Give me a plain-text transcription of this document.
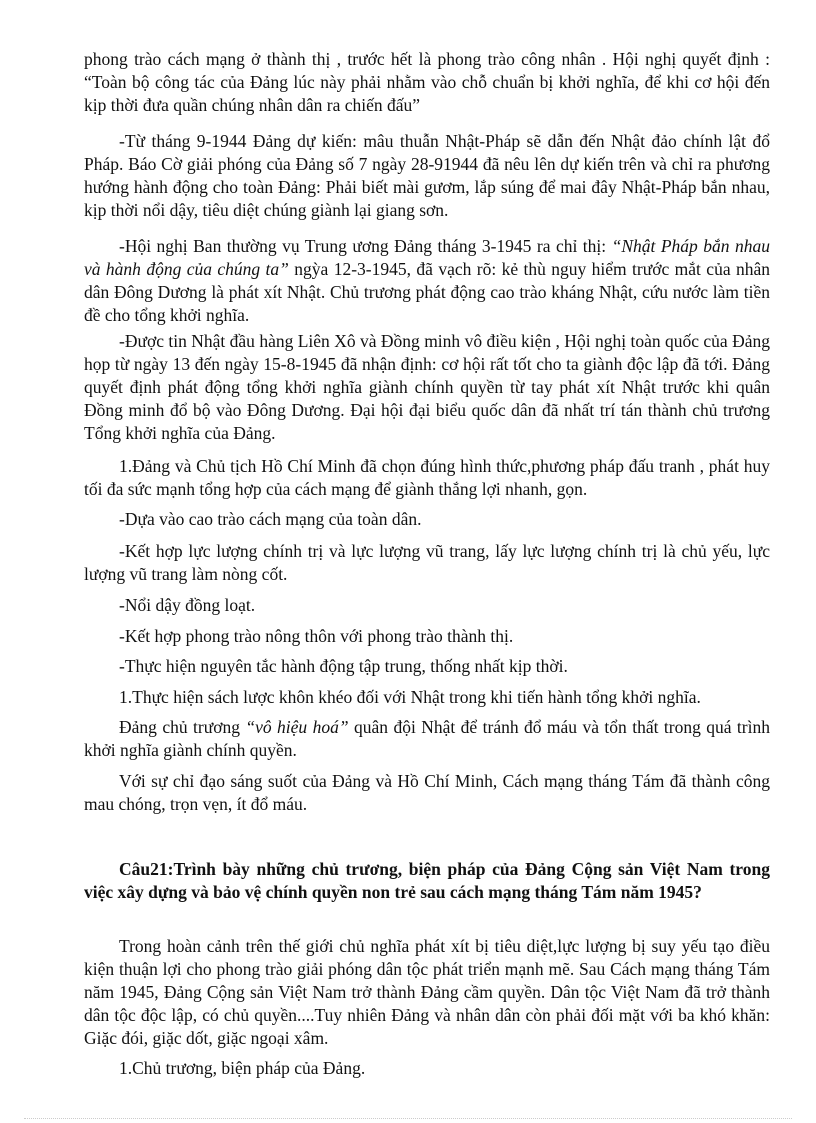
phong trào cách mạng ở thành thị , trước hết là phong trào công nhân . Hội nghị quyết định : “Toàn bộ công tác của Đảng lúc này phải nhằm vào chỗ chuẩn bị khởi nghĩa, để khi cơ hội đến kịp thời đưa quần chúng nhân dân ra chiến đấu”

-Từ tháng 9-1944 Đảng dự kiến: mâu thuẫn Nhật-Pháp sẽ dẫn đến Nhật đảo chính lật đổ Pháp. Báo Cờ giải phóng của Đảng số 7 ngày 28-91944 đã nêu lên dự kiến trên và chỉ ra phương hướng hành động cho toàn Đảng: Phải biết mài gươm, lắp súng để mai đây Nhật-Pháp bắn nhau, kịp thời nổi dậy, tiêu diệt chúng giành lại giang sơn.

-Hội nghị Ban thường vụ Trung ương Đảng tháng 3-1945 ra chỉ thị: “Nhật Pháp bắn nhau và hành động của chúng ta” ngỳa 12-3-1945, đã vạch rõ: kẻ thù nguy hiểm trước mắt của nhân dân Đông Dương là phát xít Nhật. Chủ trương phát động cao trào kháng Nhật, cứu nước làm tiền đề cho tổng khởi nghĩa.

-Được tin Nhật đầu hàng Liên Xô và Đồng minh vô điều kiện , Hội nghị toàn quốc của Đảng họp từ ngày 13 đến ngày 15-8-1945 đã nhận định: cơ hội rất tốt cho ta giành độc lập đã tới. Đảng quyết định phát động tổng khởi nghĩa giành chính quyền từ tay phát xít Nhật trước khi quân Đồng minh đổ bộ vào Đông Dương. Đại hội đại biểu quốc dân đã nhất trí tán thành chủ trương Tổng khởi nghĩa của Đảng.

1.Đảng và Chủ tịch Hồ Chí Minh đã chọn đúng hình thức,phương pháp đấu tranh , phát huy tối đa sức mạnh tổng hợp của cách mạng để giành thắng lợi nhanh, gọn.

-Dựa vào cao trào cách mạng của toàn dân.

-Kết hợp lực lượng chính trị và lực lượng vũ trang, lấy lực lượng chính trị là chủ yếu, lực lượng vũ trang làm nòng cốt.

-Nổi dậy đồng loạt.

-Kết hợp phong trào nông thôn với phong trào thành thị.

-Thực hiện nguyên tắc hành động tập trung, thống nhất kịp thời.

1.Thực hiện sách lược khôn khéo đối với Nhật trong khi tiến hành tổng khởi nghĩa.

Đảng chủ trương “vô hiệu hoá” quân đội Nhật để tránh đổ máu và tổn thất trong quá trình khởi nghĩa giành chính quyền.

Với sự chỉ đạo sáng suốt của Đảng và Hồ Chí Minh, Cách mạng tháng Tám đã thành công mau chóng, trọn vẹn, ít đổ máu.

Câu21:Trình bày những chủ trương, biện pháp của Đảng Cộng sản Việt Nam trong việc xây dựng và bảo vệ chính quyền non trẻ sau cách mạng tháng Tám năm 1945?

Trong hoàn cảnh trên thế giới chủ nghĩa phát xít bị tiêu diệt,lực lượng bị suy yếu tạo điều kiện thuận lợi cho phong trào giải phóng dân tộc phát triển mạnh mẽ. Sau Cách mạng tháng Tám năm 1945, Đảng Cộng sản Việt Nam trở thành Đảng cầm quyền. Dân tộc Việt Nam đã trở thành dân tộc độc lập, có chủ quyền....Tuy nhiên Đảng và nhân dân còn phải đối mặt với ba khó khăn: Giặc đói, giặc dốt, giặc ngoại xâm.

1.Chủ trương, biện pháp của Đảng.
